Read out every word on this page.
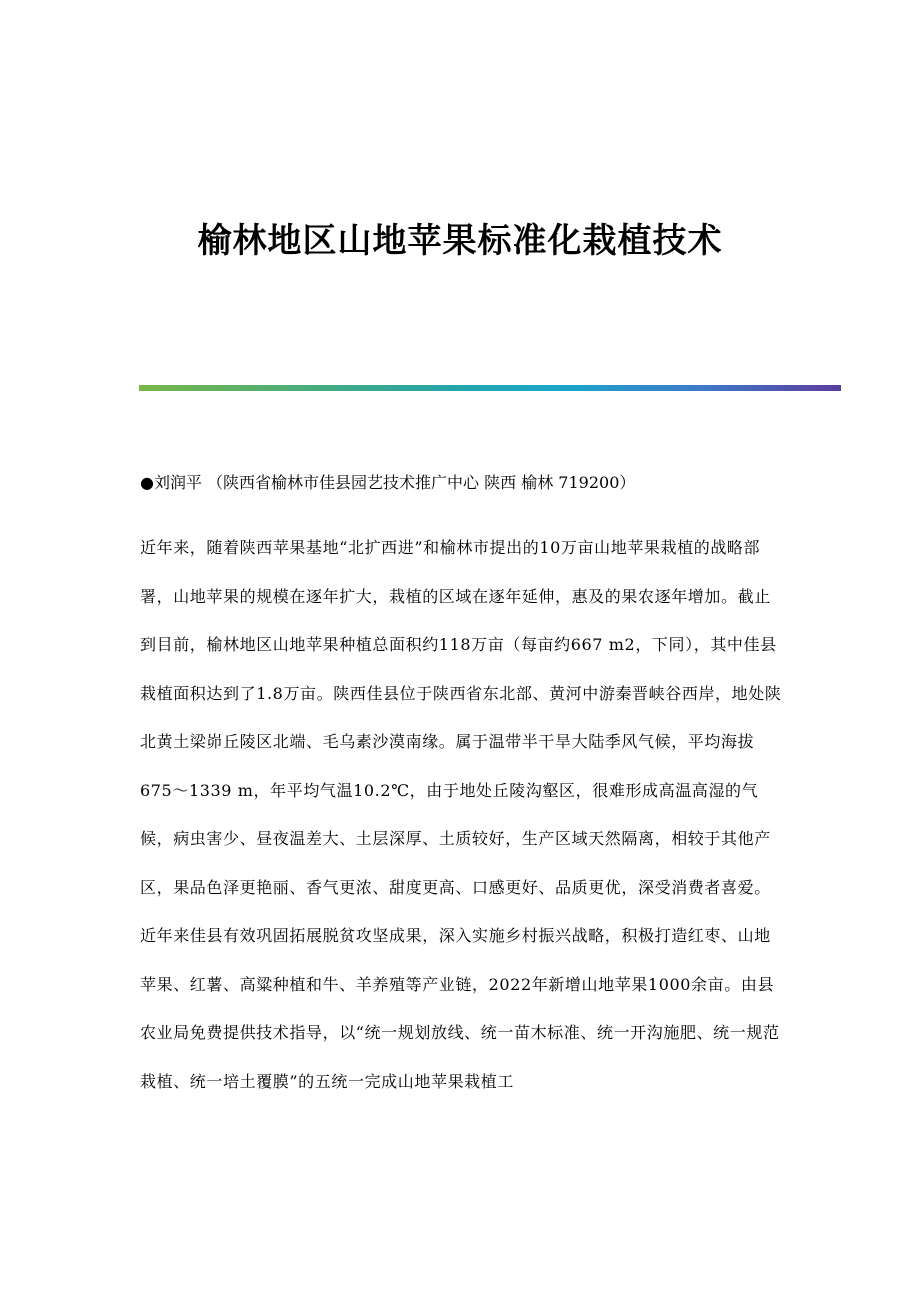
榆林地区山地苹果标准化栽植技术
●刘润平 （陕西省榆林市佳县园艺技术推广中心 陕西 榆林 719200）

近年来，随着陕西苹果基地“北扩西进”和榆林市提出的10万亩山地苹果栽植的战略部署，山地苹果的规模在逐年扩大，栽植的区域在逐年延伸，惠及的果农逐年增加。截止到目前，榆林地区山地苹果种植总面积约118万亩（每亩约667 m2，下同），其中佳县栽植面积达到了1.8万亩。陕西佳县位于陕西省东北部、黄河中游秦晋峡谷西岸，地处陕北黄土梁峁丘陵区北端、毛乌素沙漠南缘。属于温带半干旱大陆季风气候，平均海拔675～1339 m，年平均气温10.2℃，由于地处丘陵沟壑区，很难形成高温高湿的气候，病虫害少、昼夜温差大、土层深厚、土质较好，生产区域天然隔离，相较于其他产区，果品色泽更艳丽、香气更浓、甜度更高、口感更好、品质更优，深受消费者喜爱。近年来佳县有效巩固拓展脱贫攻坚成果，深入实施乡村振兴战略，积极打造红枣、山地苹果、红薯、高粱种植和牛、羊养殖等产业链，2022年新增山地苹果1000余亩。由县农业局免费提供技术指导，以“统一规划放线、统一苗木标准、统一开沟施肥、统一规范栽植、统一培土覆膜”的五统一完成山地苹果栽植工
